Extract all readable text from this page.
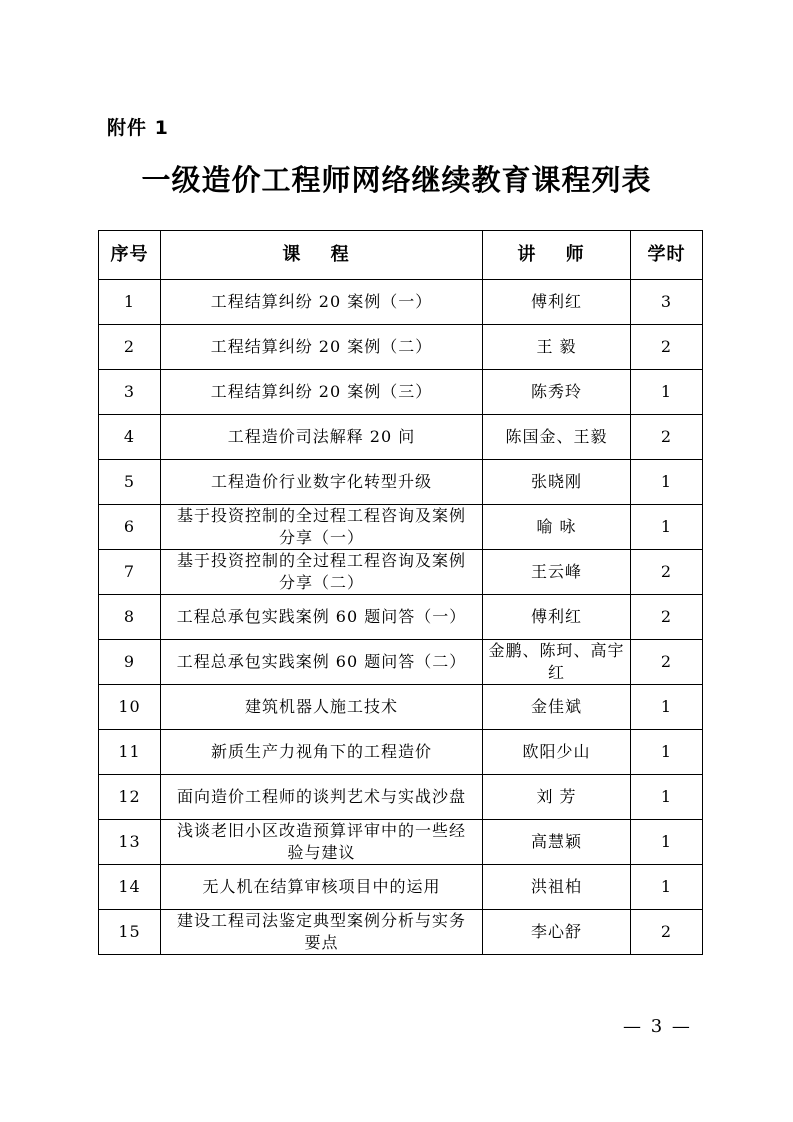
附件 1
一级造价工程师网络继续教育课程列表
序号	课 程	讲 师	学时
1	工程结算纠纷 20 案例（一）	傅利红	3
2	工程结算纠纷 20 案例（二）	王 毅	2
3	工程结算纠纷 20 案例（三）	陈秀玲	1
4	工程造价司法解释 20 问	陈国金、王毅	2
5	工程造价行业数字化转型升级	张晓刚	1
6	基于投资控制的全过程工程咨询及案例分享（一）	喻 咏	1
7	基于投资控制的全过程工程咨询及案例分享（二）	王云峰	2
8	工程总承包实践案例 60 题问答（一）	傅利红	2
9	工程总承包实践案例 60 题问答（二）	金鹏、陈珂、高宇红	2
10	建筑机器人施工技术	金佳斌	1
11	新质生产力视角下的工程造价	欧阳少山	1
12	面向造价工程师的谈判艺术与实战沙盘	刘 芳	1
13	浅谈老旧小区改造预算评审中的一些经验与建议	高慧颖	1
14	无人机在结算审核项目中的运用	洪祖柏	1
15	建设工程司法鉴定典型案例分析与实务要点	李心舒	2
— 3 —
